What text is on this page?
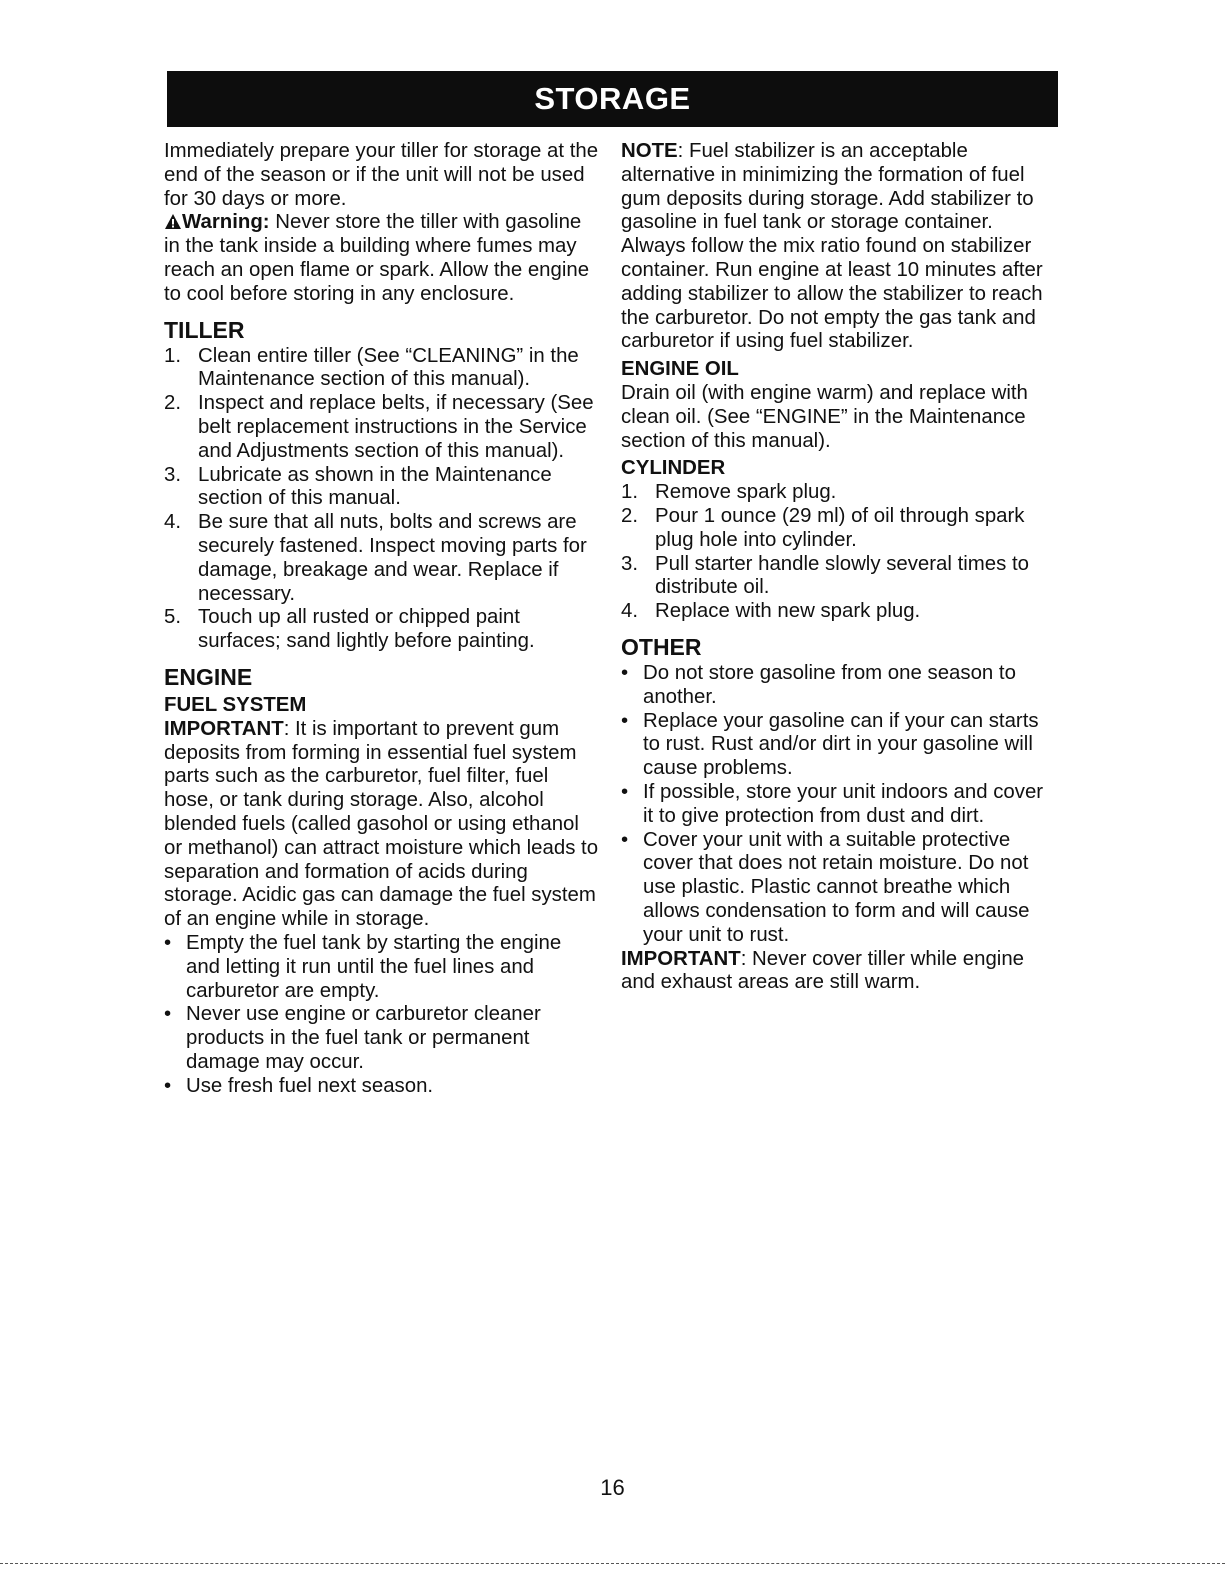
STORAGE

Immediately prepare your tiller for storage at the end of the season or if the unit will not be used for 30 days or more.

Warning: Never store the tiller with gasoline in the tank inside a building where fumes may reach an open flame or spark. Allow the engine to cool before storing in any enclosure.

TILLER
1. Clean entire tiller (See “CLEANING” in the Maintenance section of this manual).
2. Inspect and replace belts, if necessary (See belt replacement instructions in the Service and Adjustments section of this manual).
3. Lubricate as shown in the Maintenance section of this manual.
4. Be sure that all nuts, bolts and screws are securely fastened. Inspect moving parts for damage, breakage and wear. Replace if necessary.
5. Touch up all rusted or chipped paint surfaces; sand lightly before painting.
ENGINE
FUEL SYSTEM

IMPORTANT: It is important to prevent gum deposits from forming in essential fuel system parts such as the carburetor, fuel filter, fuel hose, or tank during storage. Also, alcohol blended fuels (called gasohol or using ethanol or methanol) can attract moisture which leads to separation and formation of acids during storage. Acidic gas can damage the fuel system of an engine while in storage.

• Empty the fuel tank by starting the engine and letting it run until the fuel lines and carburetor are empty.
• Never use engine or carburetor cleaner products in the fuel tank or permanent damage may occur.
• Use fresh fuel next season.

NOTE: Fuel stabilizer is an acceptable alternative in minimizing the formation of fuel gum deposits during storage. Add stabilizer to gasoline in fuel tank or storage container. Always follow the mix ratio found on stabilizer container. Run engine at least 10 minutes after adding stabilizer to allow the stabilizer to reach the carburetor. Do not empty the gas tank and carburetor if using fuel stabilizer.

ENGINE OIL

Drain oil (with engine warm) and replace with clean oil. (See “ENGINE” in the Maintenance section of this manual).

CYLINDER
1. Remove spark plug.
2. Pour 1 ounce (29 ml) of oil through spark plug hole into cylinder.
3. Pull starter handle slowly several times to distribute oil.
4. Replace with new spark plug.
OTHER
• Do not store gasoline from one season to another.
• Replace your gasoline can if your can starts to rust. Rust and/or dirt in your gasoline will cause problems.
• If possible, store your unit indoors and cover it to give protection from dust and dirt.
• Cover your unit with a suitable protective cover that does not retain moisture. Do not use plastic. Plastic cannot breathe which allows condensation to form and will cause your unit to rust.

IMPORTANT: Never cover tiller while engine and exhaust areas are still warm.

16
